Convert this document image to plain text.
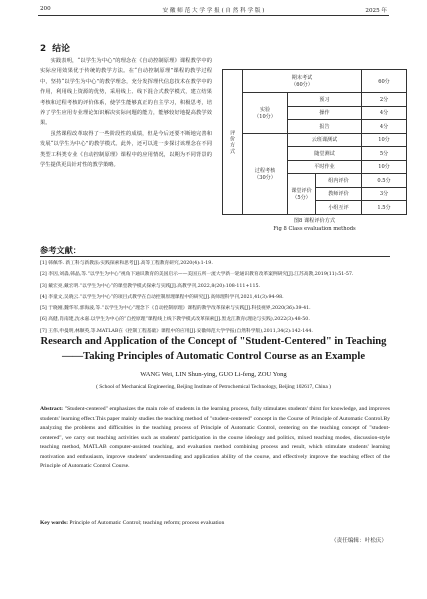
200	安 徽 师 范 大 学 学 报 ( 自 然 科 学 版 )	2025 年
2 结论

实践表明，“以学生为中心”的理念在《自动控制原理》课程教学中的实际应用效果优于传统的教学方法。在“自动控制原理”课程的教学过程中，坚持“以学生为中心”的教学理念，充分发挥理代信息技术在教学中的作用，利用线上资源的优势，采用线上、线下混合式教学模式，建立结果考核和过程考核的评价体系，使学生能够真正的自主学习，积极思考，培养了学生应用专业理论知识解决实际问题的能力，能够较好地提高教学效果。

虽然课程改革取得了一些阶段性的成绩，但是今后还要不断地完善和发展“以学生为中心”的教学模式。此外，还可以进一步探讨该理念在不同类型工科类专业《自动控制原理》课程中的应用情况，以期为不同背景的学生提供更具针对性的教学策略。

评价方式	期末考试
（60分）			60分

	实验
（10分）	预习		2分
		操作		4分
		报告		4分

	过程考核
（30分）	云班课测试		10分
		随堂测试		5分
		平时作业		10分

		课堂评价
（5分）	组内评价	0.5分
			教师评价	3分
			小组互评	1.5分
图8 课程评价方式
Fig 8 Class evaluation methods
参考文献：
[1] 韩佩华. 新工科与新教法:实践探索和思考[J].高等工程教育研究,2020(4):1-19.
[2] 李因,刘淼,韩晶,等.“以学生为中心”视角下通识教育的美国启示——美国五所一流大学新一轮通识教育改革案例研究[J].江苏高教,2019(11):51-57.
[3] 戴宏亮,戴宏明.“以学生为中心”的课堂教学模式探索与实践[J].高教学刊,2022,8(20):108-111+115.
[4] 李童文,吴晓云.“以学生为中心”的项目式教学在自动控制原理课程中的研究[J].高师理科学刊,2021,41(3):94-98.
[5] 于晓刚,魏华军,郭海波,等.“以学生为中心”理念下《自动控制原理》课程的教学改革探索与实践[J].科技视界,2020(36):39-41.
[6] 高健,肖南建,沈永嘉.以学生为中心的“自控原理”课程线上线下教学模式改革探索[J].黑龙江教育(理论与实践),2022(3):48-50.
[7] 王伟,申曼明,林顺英,等.MATLAB在《控制工程基础》课程中的应用[J].安徽师范大学学报(自然科学版),2011,34(2):142-144.
Research and Application of the Concept of "Student-Centered" in Teaching
——Taking Principles of Automatic Control Course as an Example
WANG Wei, LIN Shun-ying, GUO Li-feng, ZOU Yong
( School of Mechanical Engineering, Beijing Institute of Petrochemical Technology, Beijing 102617, China )
Abstract: "Student-centered" emphasizes the main role of students in the learning process, fully stimulates students' thirst for knowledge, and improves students' learning effect.This paper mainly studies the teaching method of "student-centered" concept in the Course of Principle of Automatic Control.By analyzing the problems and difficulties in the teaching process of Principle of Automatic Control, centering on the teaching concept of "student-centered", we carry out teaching activities such as students' participation in the course ideology and politics, mixed teaching modes, discussion-style teaching method, MATLAB computer-assisted teaching, and evaluation method combining process and result, which stimulate students' learning motivation and enthusiasm, improve students' understanding and application ability of the course, and effectively improve the teaching effect of the Principle of Automatic Control Course.
Key words: Principle of Automatic Control; teaching reform; process evaluation
（责任编辑：叶松庆）
